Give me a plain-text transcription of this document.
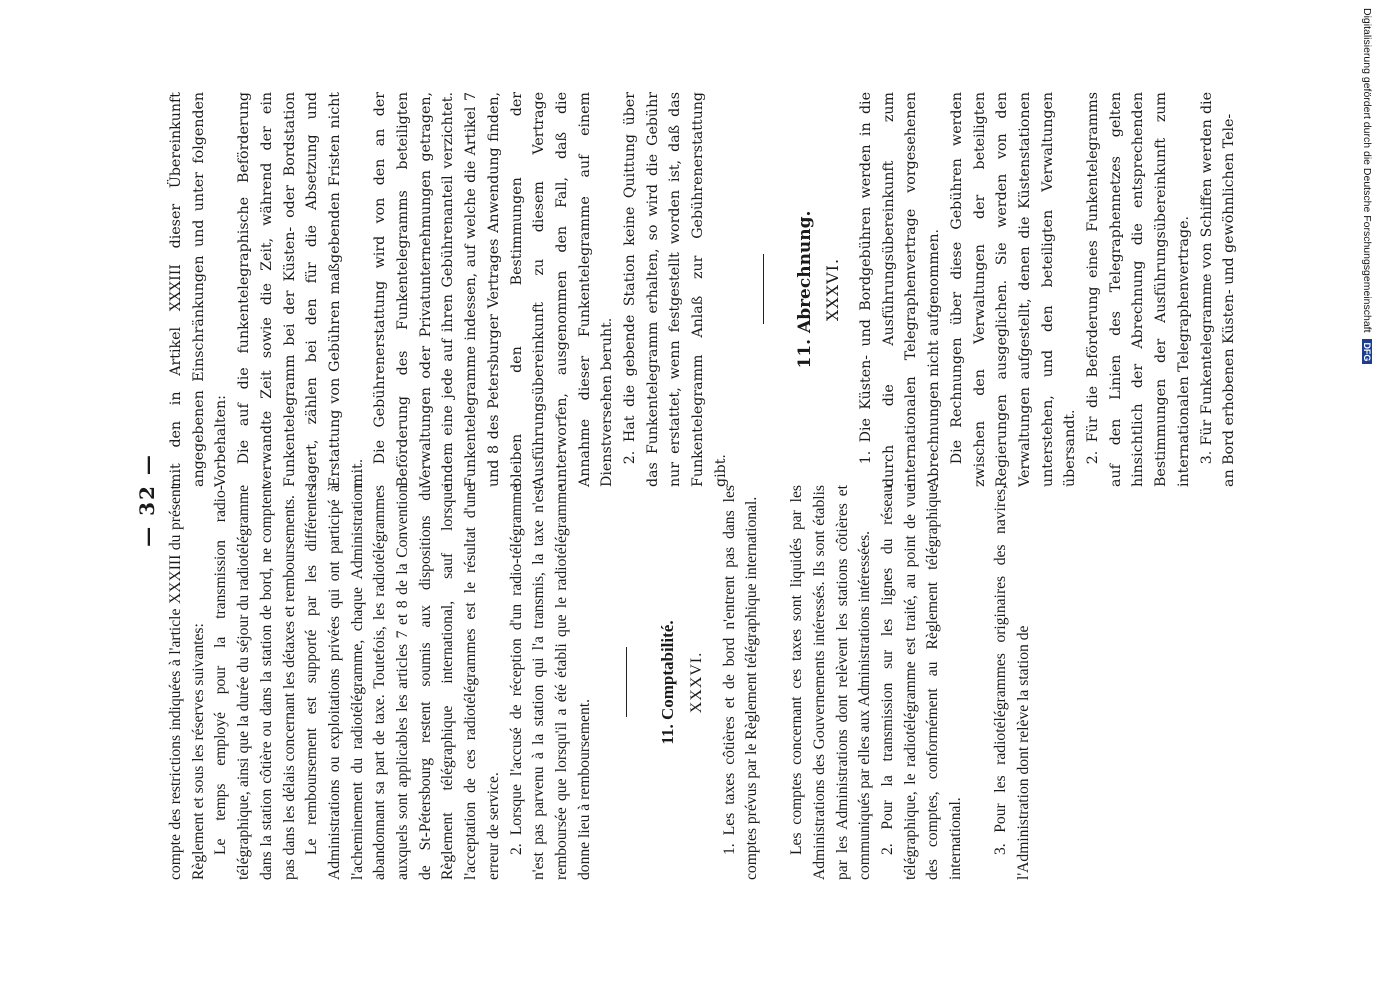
— 32 — compte des restrictions indiquées à l'article XXXIII du présent Règlement et sous les réserves suivantes: Le temps employé pour la transmission radio-télégraphique, ainsi que la durée du séjour du radiotélégramme dans la station côtière ou dans la station de bord, ne comptent pas dans les délais concernant les détaxes et remboursements. Le remboursement est supporté par les différentes Administrations ou exploitations privées qui ont participé à l'acheminement du radiotélégramme, chaque Administration abandonnant sa part de taxe. Toutefois, les radiotélégrammes auxquels sont applicables les articles 7 et 8 de la Convention de St-Pétersbourg restent soumis aux dispositions du Règlement télégraphique international, sauf lorsque l'acceptation de ces radiotélégrammes est le résultat d'une erreur de service. 2. Lorsque l'accusé de réception d'un radio-télégramme n'est pas parvenu à la station qui l'a transmis, la taxe n'est remboursée que lorsqu'il a été établi que le radiotélégramme donne lieu à remboursement.

11. Comptabilité. XXXVI. 1. Les taxes côtières et de bord n'entrent pas dans les comptes prévus par le Règlement télégraphique international. Les comptes concernant ces taxes sont liquidés par les Administrations des Gouvernements intéressés. Ils sont établis par les Administrations dont relèvent les stations côtières et communiqués par elles aux Administrations intéressées. 2. Pour la transmission sur les lignes du réseau télégraphique, le radiotélégramme est traité, au point de vue des comptes, conformément au Règlement télégraphique international. 3. Pour les radiotélégrammes originaires des navires, l'Administration dont relève la station de

mit den in Artikel XXXIII dieser Übereinkunft angegebenen Einschränkungen und unter folgenden Vorbehalten: Die auf die funkentelegraphische Beförderung verwandte Zeit sowie die Zeit, während der ein Funkentelegramm bei der Küsten- oder Bordstation lagert, zählen bei den für die Absetzung und Erstattung von Gebühren maßgebenden Fristen nicht mit.

Die Gebührenerstattung wird von den an der Beförderung des Funkentelegramms beteiligten Verwaltungen oder Privatunternehmungen getragen, indem eine jede auf ihren Gebührenanteil verzichtet. Funkentelegramme indessen, auf welche die Artikel 7 und 8 des Petersburger Vertrages Anwendung finden, bleiben den Bestimmungen der Ausführungsübereinkunft zu diesem Vertrage unterworfen, ausgenommen den Fall, daß die Annahme dieser Funkentelegramme auf einem Dienstversehen beruht. 2. Hat die gebende Station keine Quittung über das Funkentelegramm erhalten, so wird die Gebühr nur erstattet, wenn festgestellt worden ist, daß das Funkentelegramm Anlaß zur Gebührenerstattung gibt.

11. Abrechnung. XXXVI. 1. Die Küsten- und Bordgebühren werden in die durch die Ausführungsübereinkunft zum internationalen Telegraphenvertrage vorgesehenen Abrechnungen nicht aufgenommen. Die Rechnungen über diese Gebühren werden zwischen den Verwaltungen der beteiligten Regierungen ausgeglichen. Sie werden von den Verwaltungen aufgestellt, denen die Küstenstationen unterstehen, und den beteiligten Verwaltungen übersandt. 2. Für die Beförderung eines Funkentelegramms auf den Linien des Telegraphennetzes gelten hinsichtlich der Abrechnung die entsprechenden Bestimmungen der Ausführungsübereinkunft zum internationalen Telegraphenvertrage. 3. Für Funkentelegramme von Schiffen werden die an Bord erhobenen Küsten- und gewöhnlichen Tele-	Digitalisierung gefördert durch die Deutsche Forschungsgemeinschaft DFG
